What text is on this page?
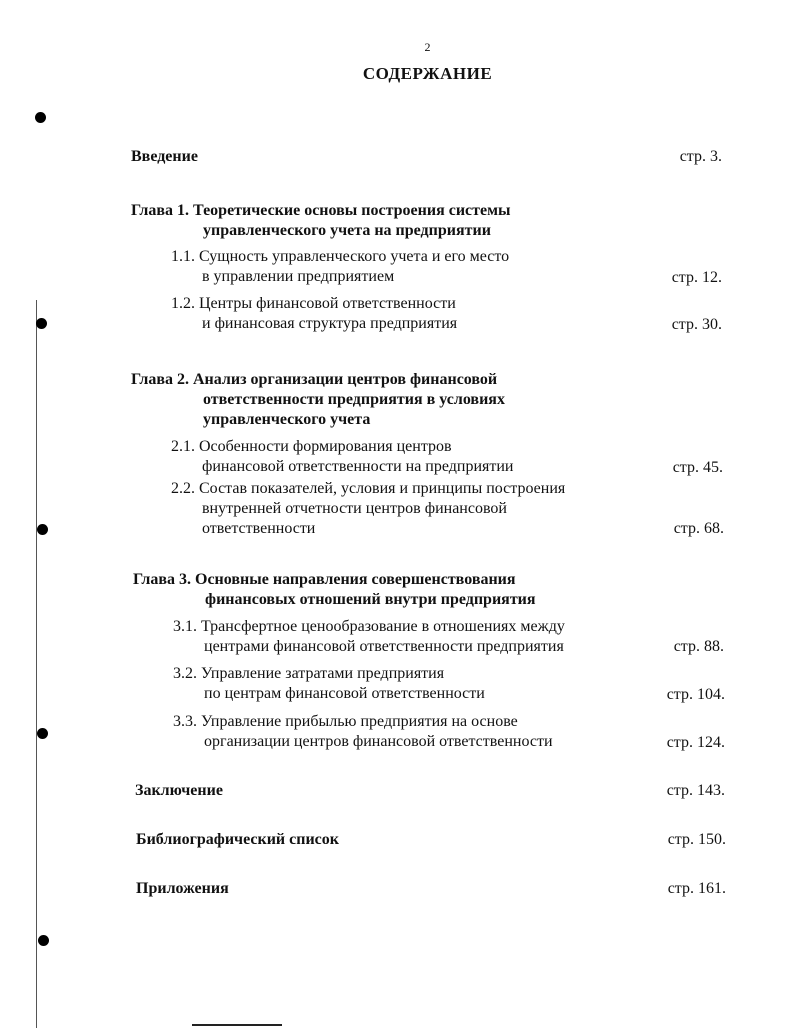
2
СОДЕРЖАНИЕ
Введение	стр. 3.
Глава 1. Теоретические основы построения системы
управленческого учета на предприятии
1.1. Сущность управленческого учета и его место
в управлении предприятием	стр. 12.
1.2. Центры финансовой ответственности
и финансовая структура предприятия	стр. 30.
Глава 2. Анализ организации центров финансовой
ответственности предприятия в условиях
управленческого учета
2.1. Особенности формирования центров
финансовой ответственности на предприятии	стр. 45.
2.2. Состав показателей, условия и принципы построения
внутренней отчетности центров финансовой
ответственности	стр. 68.
Глава 3. Основные направления совершенствования
финансовых отношений внутри предприятия
3.1. Трансфертное ценообразование в отношениях между
центрами финансовой ответственности предприятия	стр. 88.
3.2. Управление затратами предприятия
по центрам финансовой ответственности	стр. 104.
3.3. Управление прибылью предприятия на основе
организации центров финансовой ответственности	стр. 124.
Заключение	стр. 143.
Библиографический список	стр. 150.
Приложения	стр. 161.
